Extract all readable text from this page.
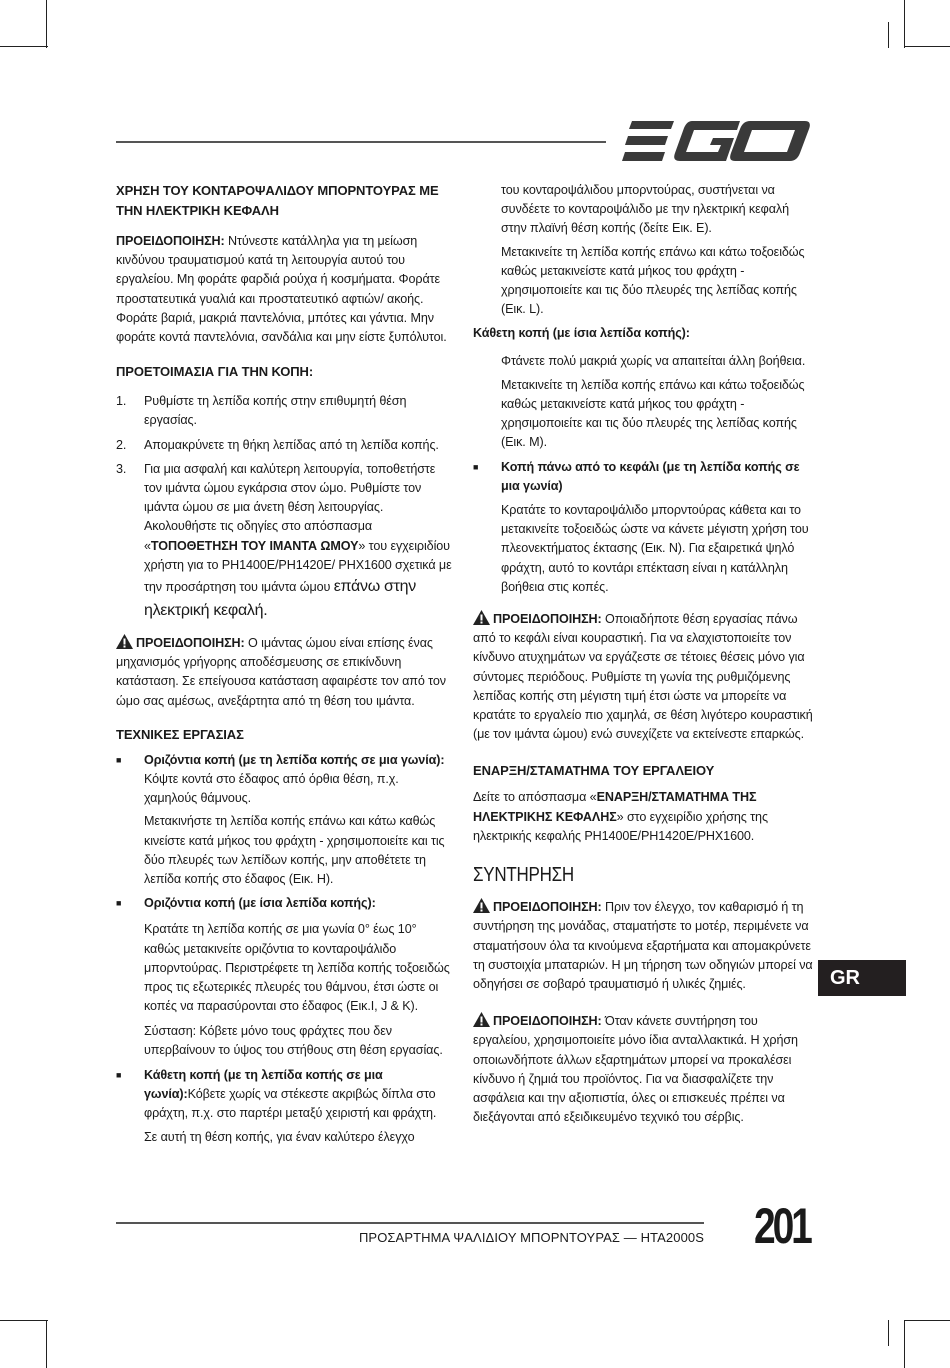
ΧΡΗΣΗ ΤΟΥ ΚΟΝΤΑΡΟΨΑΛΙΔΟΥ ΜΠΟΡΝΤΟΥΡΑΣ ΜΕ ΤΗΝ ΗΛΕΚΤΡΙΚΗ ΚΕΦΑΛΗ

ΠΡΟΕΙΔΟΠΟΙΗΣΗ: Ντύνεστε κατάλληλα για τη μείωση κινδύνου τραυματισμού κατά τη λειτουργία αυτού του εργαλείου. Μη φοράτε φαρδιά ρούχα ή κοσμήματα. Φοράτε προστατευτικά γυαλιά και προστατευτικό αφτιών/ ακοής. Φοράτε βαριά, μακριά παντελόνια, μπότες και γάντια. Μην φοράτε κοντά παντελόνια, σανδάλια και μην είστε ξυπόλυτοι.

ΠΡΟΕΤΟΙΜΑΣΙΑ ΓΙΑ ΤΗΝ ΚΟΠΗ:

1.	Ρυθμίστε τη λεπίδα κοπής στην επιθυμητή θέση εργασίας.
2.	Απομακρύνετε τη θήκη λεπίδας από τη λεπίδα κοπής.
3.	Για μια ασφαλή και καλύτερη λειτουργία, τοποθετήστε τον ιμάντα ώμου εγκάρσια στον ώμο. Ρυθμίστε τον ιμάντα ώμου σε μια άνετη θέση λειτουργίας. Ακολουθήστε τις οδηγίες στο απόσπασμα «ΤΟΠΟΘΕΤΗΣΗ ΤΟΥ ΙΜΑΝΤΑ ΩΜΟΥ» του εγχειριδίου χρήστη για το PH1400E/PH1420E/ PHX1600 σχετικά με την προσάρτηση του ιμάντα ώμου επάνω στην ηλεκτρική κεφαλή.

ΠΡΟΕΙΔΟΠΟΙΗΣΗ: Ο ιμάντας ώμου είναι επίσης ένας μηχανισμός γρήγορης αποδέσμευσης σε επικίνδυνη κατάσταση. Σε επείγουσα κατάσταση αφαιρέστε τον από τον ώμο σας αμέσως, ανεξάρτητα από τη θέση του ιμάντα.

ΤΕΧΝΙΚΕΣ ΕΡΓΑΣΙΑΣ

■	Οριζόντια κοπή (με τη λεπίδα κοπής σε μια γωνία): Κόψτε κοντά στο έδαφος από όρθια θέση, π.χ. χαμηλούς θάμνους.

Μετακινήστε τη λεπίδα κοπής επάνω και κάτω καθώς κινείστε κατά μήκος του φράχτη - χρησιμοποιείτε και τις δύο πλευρές των λεπίδων κοπής, μην αποθέτετε τη λεπίδα κοπής στο έδαφος (Εικ. Η).

■	Οριζόντια κοπή (με ίσια λεπίδα κοπής):

Κρατάτε τη λεπίδα κοπής σε μια γωνία 0° έως 10° καθώς μετακινείτε οριζόντια το κονταροψάλιδο μπορντούρας. Περιστρέφετε τη λεπίδα κοπής τοξοειδώς προς τις εξωτερικές πλευρές του θάμνου, έτσι ώστε οι κοπές να παρασύρονται στο έδαφος (Εικ.I, J & K).

Σύσταση: Κόβετε μόνο τους φράχτες που δεν υπερβαίνουν το ύψος του στήθους στη θέση εργασίας.

■	Κάθετη κοπή (με τη λεπίδα κοπής σε μια γωνία):Κόβετε χωρίς να στέκεστε ακριβώς δίπλα στο φράχτη, π.χ. στο παρτέρι μεταξύ χειριστή και φράχτη.

Σε αυτή τη θέση κοπής, για έναν καλύτερο έλεγχο

του κονταροψάλιδου μπορντούρας, συστήνεται να συνδέετε το κονταροψάλιδο με την ηλεκτρική κεφαλή στην πλαϊνή θέση κοπής (δείτε Εικ. E).

Μετακινείτε τη λεπίδα κοπής επάνω και κάτω τοξοειδώς καθώς μετακινείστε κατά μήκος του φράχτη - χρησιμοποιείτε και τις δύο πλευρές της λεπίδας κοπής (Εικ. L).

Κάθετη κοπή (με ίσια λεπίδα κοπής):

Φτάνετε πολύ μακριά χωρίς να απαιτείται άλλη βοήθεια.

Μετακινείτε τη λεπίδα κοπής επάνω και κάτω τοξοειδώς καθώς μετακινείστε κατά μήκος του φράχτη - χρησιμοποιείτε και τις δύο πλευρές της λεπίδας κοπής (Εικ. M).

■	Κοπή πάνω από το κεφάλι (με τη λεπίδα κοπής σε μια γωνία)

Κρατάτε το κονταροψάλιδο μπορντούρας κάθετα και το μετακινείτε τοξοειδώς ώστε να κάνετε μέγιστη χρήση του πλεονεκτήματος έκτασης (Εικ. N). Για εξαιρετικά ψηλό φράχτη, αυτό το κοντάρι επέκταση είναι η κατάλληλη βοήθεια στις κοπές.

ΠΡΟΕΙΔΟΠΟΙΗΣΗ: Οποιαδήποτε θέση εργασίας πάνω από το κεφάλι είναι κουραστική. Για να ελαχιστοποιείτε τον κίνδυνο ατυχημάτων να εργάζεστε σε τέτοιες θέσεις μόνο για σύντομες περιόδους. Ρυθμίστε τη γωνία της ρυθμιζόμενης λεπίδας κοπής στη μέγιστη τιμή έτσι ώστε να μπορείτε να κρατάτε το εργαλείο πιο χαμηλά, σε θέση λιγότερο κουραστική (με τον ιμάντα ώμου) ενώ συνεχίζετε να εκτείνεστε επαρκώς.

ΕΝΑΡΞΗ/ΣΤΑΜΑΤΗΜΑ ΤΟΥ ΕΡΓΑΛΕΙΟΥ

Δείτε το απόσπασμα «ΕΝΑΡΞΗ/ΣΤΑΜΑΤΗΜΑ ΤΗΣ ΗΛΕΚΤΡΙΚΗΣ ΚΕΦΑΛΗΣ» στο εγχειρίδιο χρήσης της ηλεκτρικής κεφαλής PH1400E/PH1420E/PHX1600.

ΣΥΝΤΗΡΗΣΗ

ΠΡΟΕΙΔΟΠΟΙΗΣΗ: Πριν τον έλεγχο, τον καθαρισμό ή τη συντήρηση της μονάδας, σταματήστε το μοτέρ, περιμένετε να σταματήσουν όλα τα κινούμενα εξαρτήματα και απομακρύνετε τη συστοιχία μπαταριών. Η μη τήρηση των οδηγιών μπορεί να οδηγήσει σε σοβαρό τραυματισμό ή υλικές ζημιές.

ΠΡΟΕΙΔΟΠΟΙΗΣΗ: Όταν κάνετε συντήρηση του εργαλείου, χρησιμοποιείτε μόνο ίδια ανταλλακτικά. Η χρήση οποιωνδήποτε άλλων εξαρτημάτων μπορεί να προκαλέσει κίνδυνο ή ζημιά του προϊόντος. Για να διασφαλίζετε την ασφάλεια και την αξιοπιστία, όλες οι επισκευές πρέπει να διεξάγονται από εξειδικευμένο τεχνικό του σέρβις.

GR
ΠΡΟΣΑΡΤΗΜΑ ΨΑΛΙΔΙΟΥ ΜΠΟΡΝΤΟΥΡΑΣ — HTA2000S 201
